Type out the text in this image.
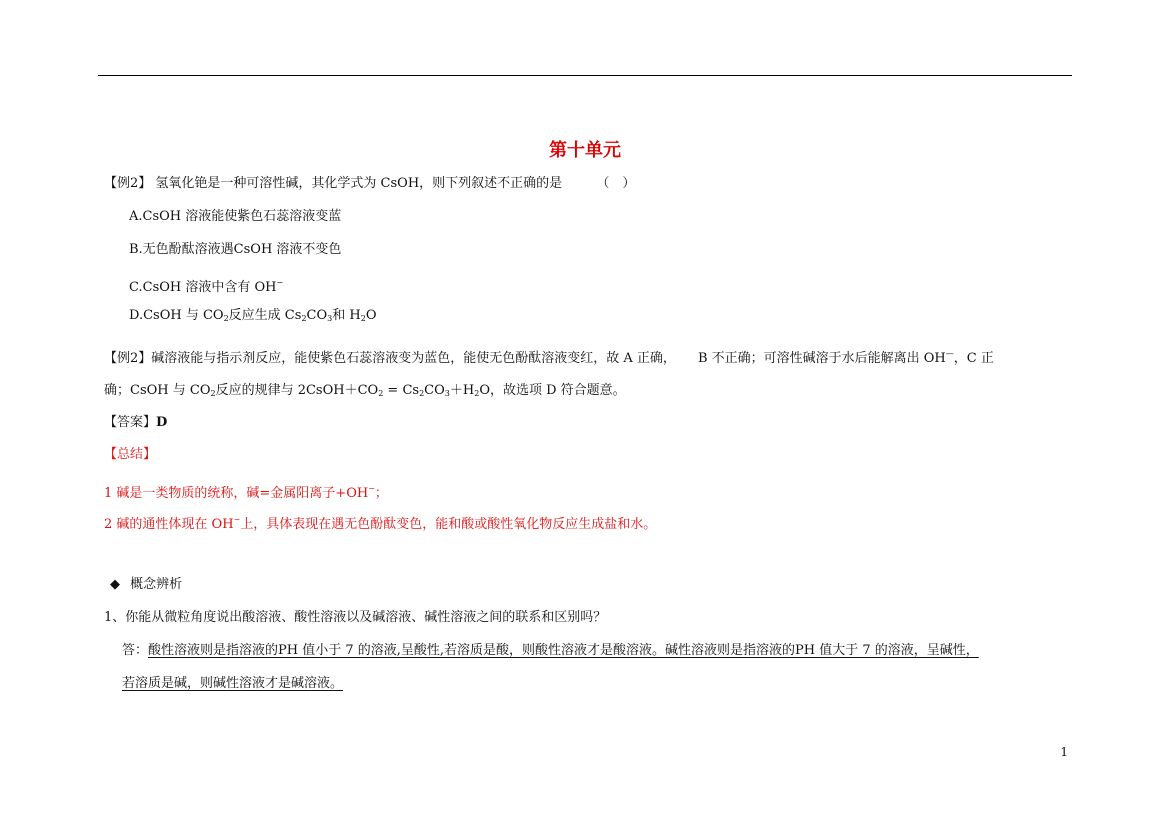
第十单元
【例2】 氢氧化铯是一种可溶性碱，其化学式为 CsOH，则下列叙述不正确的是	（　）
A.CsOH 溶液能使紫色石蕊溶液变蓝
B.无色酚酞溶液遇CsOH 溶液不变色
C.CsOH 溶液中含有 OH−
D.CsOH 与 $CO_2$反应生成 $Cs_2CO_3$和 $H_2O$
【例2】碱溶液能与指示剂反应，能使紫色石蕊溶液变为蓝色，能使无色酚酞溶液变红，故 A 正确， B 不正确；可溶性碱溶于水后能解离出 OH—，C 正
确；CsOH 与 $CO_2$反应的规律与 $2CsOH+CO_2 = Cs_2CO_3+H_2O$，故选项 D 符合题意。
【答案】D
【总结】
1 碱是一类物质的统称，碱=金属阳离子+OH−；
2 碱的通性体现在 OH−上，具体表现在遇无色酚酞变色，能和酸或酸性氧化物反应生成盐和水。
◆ 概念辨析
1、你能从微粒角度说出酸溶液、酸性溶液以及碱溶液、碱性溶液之间的联系和区别吗？
答：酸性溶液则是指溶液的PH 值小于 7 的溶液,呈酸性,若溶质是酸，则酸性溶液才是酸溶液。碱性溶液则是指溶液的PH 值大于 7 的溶液，呈碱性，
若溶质是碱，则碱性溶液才是碱溶液。
1
